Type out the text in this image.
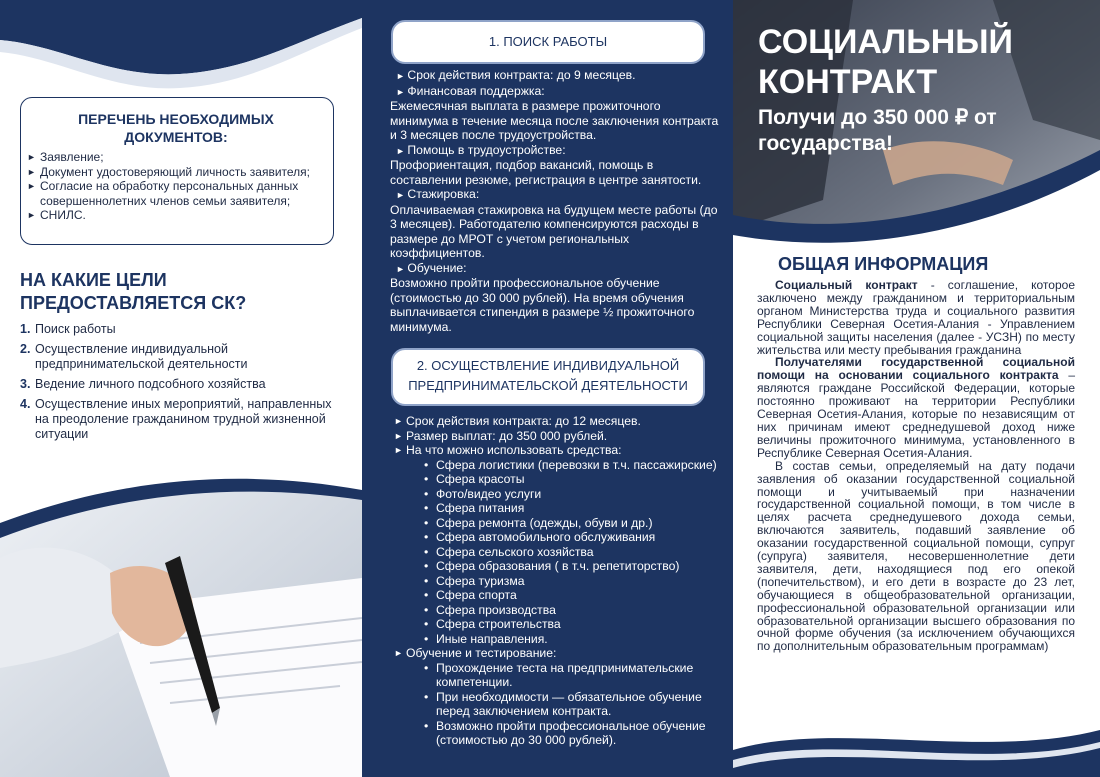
ПЕРЕЧЕНЬ НЕОБХОДИМЫХ ДОКУМЕНТОВ:
► Заявление;
► Документ удостоверяющий личность заявителя;
► Согласие на обработку персональных данных совершеннолетних членов семьи заявителя;
► СНИЛС.
НА КАКИЕ ЦЕЛИ ПРЕДОСТАВЛЯЕТСЯ СК?
1. Поиск работы
2. Осуществление индивидуальной предпринимательской деятельности
3. Ведение личного подсобного хозяйства
4. Осуществление иных мероприятий, направленных на преодоление гражданином трудной жизненной ситуации
1. ПОИСК РАБОТЫ
► Срок действия контракта: до 9 месяцев.
► Финансовая поддержка:
Ежемесячная выплата в размере прожиточного минимума в течение месяца после заключения контракта и 3 месяцев после трудоустройства.
► Помощь в трудоустройстве:
Профориентация, подбор вакансий, помощь в составлении резюме, регистрация в центре занятости.
► Стажировка:
Оплачиваемая стажировка на будущем месте работы (до 3 месяцев). Работодателю компенсируются расходы в размере до МРОТ с учетом региональных коэффициентов.
► Обучение:
Возможно пройти профессиональное обучение (стоимостью до 30 000 рублей). На время обучения выплачивается стипендия в размере ½ прожиточного минимума.
2. ОСУЩЕСТВЛЕНИЕ ИНДИВИДУАЛЬНОЙ ПРЕДПРИНИМАТЕЛЬСКОЙ ДЕЯТЕЛЬНОСТИ
► Срок действия контракта: до 12 месяцев.
► Размер выплат: до 350 000 рублей.
► На что можно использовать средства:
• Сфера логистики (перевозки в т.ч. пассажирские)
• Сфера красоты
• Фото/видео услуги
• Сфера питания
• Сфера ремонта (одежды, обуви и др.)
• Сфера автомобильного обслуживания
• Сфера сельского хозяйства
• Сфера образования ( в т.ч. репетиторство)
• Сфера туризма
• Сфера спорта
• Сфера производства
• Сфера строительства
• Иные направления.
► Обучение и тестирование:
• Прохождение теста на предпринимательские компетенции.
• При необходимости — обязательное обучение перед заключением контракта.
• Возможно пройти профессиональное обучение (стоимостью до 30 000 рублей).
СОЦИАЛЬНЫЙ КОНТРАКТ
Получи до 350 000 ₽ от государства!
ОБЩАЯ ИНФОРМАЦИЯ

Социальный контракт - соглашение, которое заключено между гражданином и территориальным органом Министерства труда и социального развития Республики Северная Осетия-Алания - Управлением социальной защиты населения (далее - УСЗН) по месту жительства или месту пребывания гражданина

Получателями государственной социальной помощи на основании социального контракта – являются граждане Российской Федерации, которые постоянно проживают на территории Республики Северная Осетия-Алания, которые по независящим от них причинам имеют среднедушевой доход ниже величины прожиточного минимума, установленного в Республике Северная Осетия-Алания.

В состав семьи, определяемый на дату подачи заявления об оказании государственной социальной помощи и учитываемый при назначении государственной социальной помощи, в том числе в целях расчета среднедушевого дохода семьи, включаются заявитель, подавший заявление об оказании государственной социальной помощи, супруг (супруга) заявителя, несовершеннолетние дети заявителя, дети, находящиеся под его опекой (попечительством), и его дети в возрасте до 23 лет, обучающиеся в общеобразовательной организации, профессиональной образовательной организации или образовательной организации высшего образования по очной форме обучения (за исключением обучающихся по дополнительным образовательным программам)
